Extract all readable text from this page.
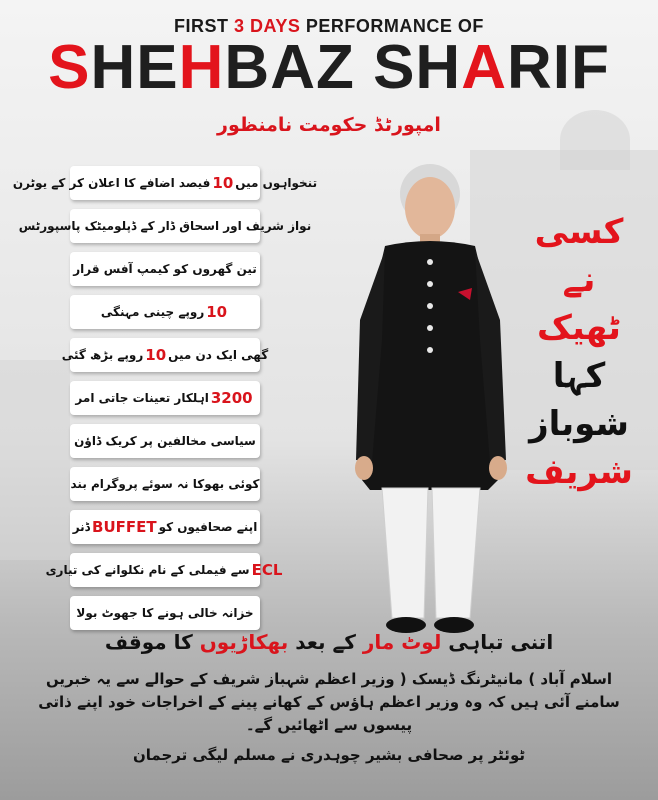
FIRST 3 DAYS PERFORMANCE OF
SHEHBAZ SHARIF
امپورٹڈ حکومت نامنظور
تنخواہوں میں
10
فیصد اضافے کا اعلان کر کے یوٹرن
نواز شریف اور اسحاق ڈار کے ڈپلومیٹک پاسپورٹس
تین گھروں کو کیمپ آفس قرار
10
روپے چینی مہنگی
گھی ایک دن میں
10
روپے بڑھ گئی
3200
اہلکار تعینات جاتی امر
سیاسی مخالفین پر کریک ڈاؤن
کوئی بھوکا نہ سوئے پروگرام بند
اپنے صحافیوں کو
BUFFET
ڈنر
ECL
سے فیملی کے نام نکلوانے کی تیاری
خزانہ خالی ہونے کا جھوٹ بولا
کسی
نے
ٹھیک
کہا
شوباز
شریف
اتنی تباہی لوٹ مار کے بعد بھکاڑیوں کا موقف
اسلام آباد ) مانیٹرنگ ڈیسک ( وزیر اعظم شہباز شریف کے حوالے سے یہ خبریں سامنے آئی ہیں کہ وہ وزیر اعظم ہاؤس کے کھانے پینے کے اخراجات خود اپنے ذاتی پیسوں سے اٹھائیں گے۔
ٹوئٹر پر صحافی بشیر چوہدری نے مسلم لیگی ترجمان
